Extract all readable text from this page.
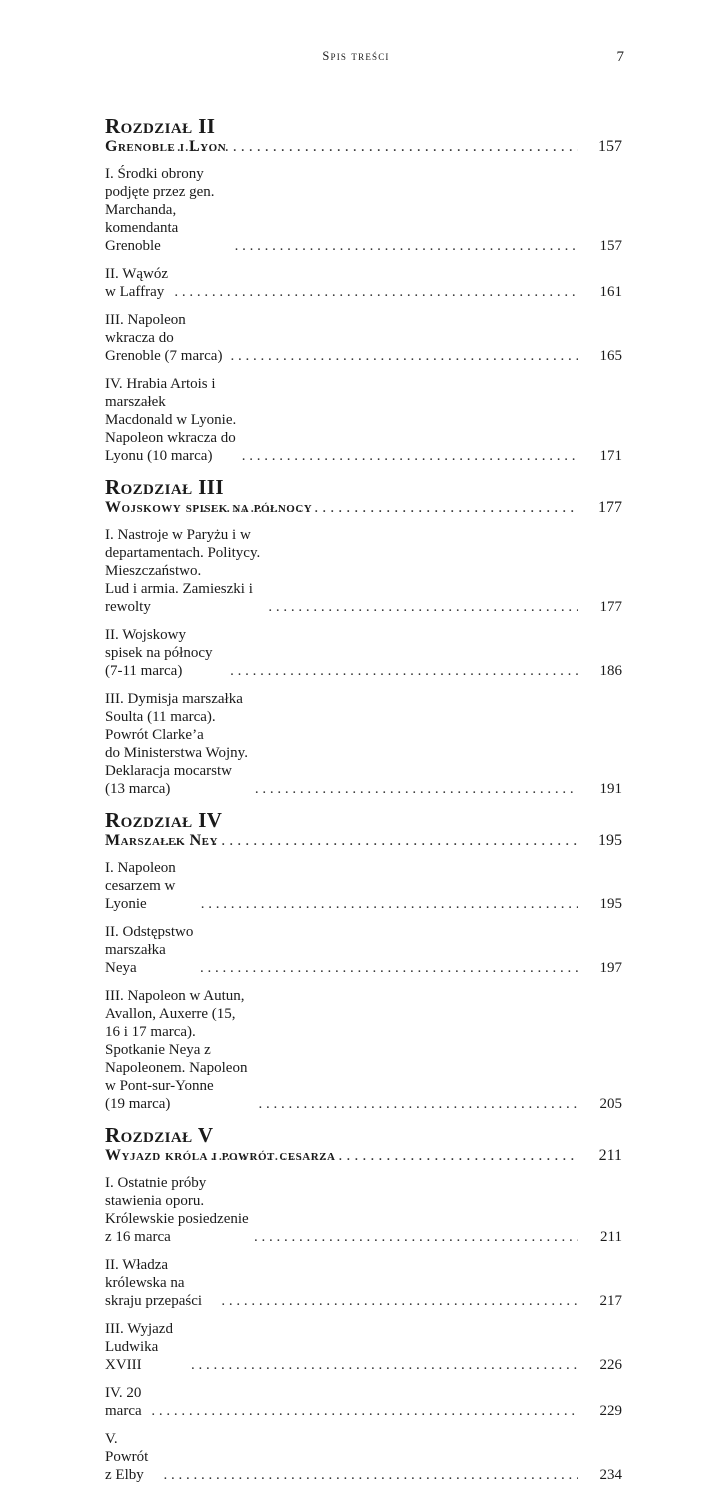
Spis treści	7
Rozdział II
Grenoble i Lyon . . .	157
I. Środki obrony podjęte przez gen. Marchanda,
komendanta Grenoble . . .	157
II. Wąwóz w Laffray . . .	161
III. Napoleon wkracza do Grenoble (7 marca) . . .	165
IV. Hrabia Artois i marszałek Macdonald w Lyonie.
Napoleon wkracza do Lyonu (10 marca) . . .	171
Rozdział III
Wojskowy spisek na północy . . .	177
I. Nastroje w Paryżu i w departamentach. Politycy. Mieszczaństwo.
Lud i armia. Zamieszki i rewolty . . .	177
II. Wojskowy spisek na północy (7-11 marca) . . .	186
III. Dymisja marszałka Soulta (11 marca). Powrót Clarke’a
do Ministerstwa Wojny. Deklaracja mocarstw (13 marca) . . .	191
Rozdział IV
Marszałek Ney . . .	195
I. Napoleon cesarzem w Lyonie . . .	195
II. Odstępstwo marszałka Neya . . .	197
III. Napoleon w Autun, Avallon, Auxerre (15, 16 i 17 marca).
Spotkanie Neya z Napoleonem. Napoleon w Pont-sur-Yonne
(19 marca) . . .	205
Rozdział V
Wyjazd króla i powrót cesarza . . .	211
I. Ostatnie próby stawienia oporu. Królewskie posiedzenie
z 16 marca . . .	211
II. Władza królewska na skraju przepaści . . .	217
III. Wyjazd Ludwika XVIII . . .	226
IV. 20 marca . . .	229
V. Powrót z Elby . . .	234
